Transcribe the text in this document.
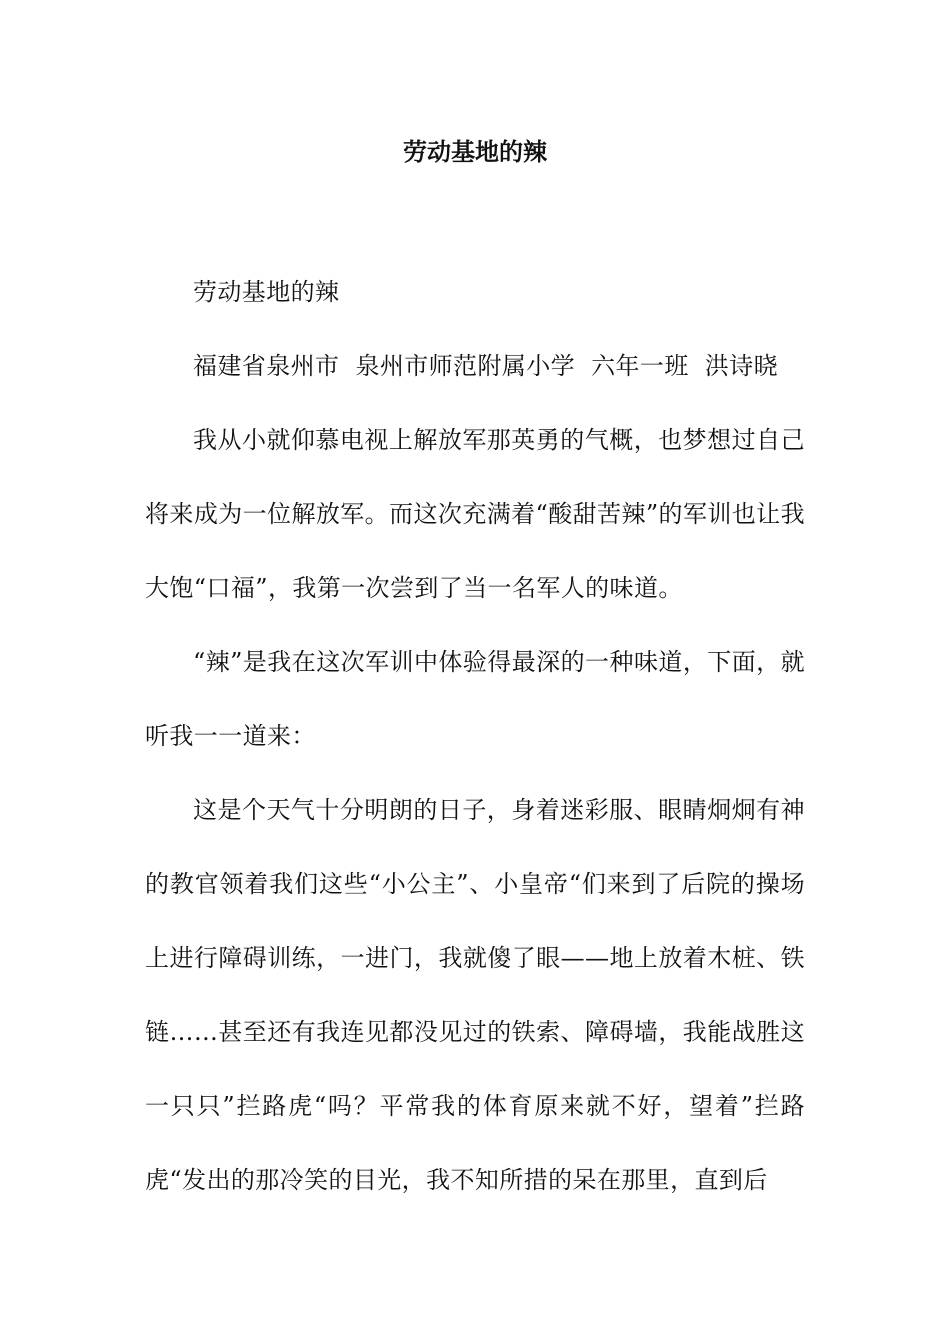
劳动基地的辣

劳动基地的辣

福建省泉州市  泉州市师范附属小学  六年一班  洪诗晓

我从小就仰慕电视上解放军那英勇的气概，也梦想过自己将来成为一位解放军。而这次充满着“酸甜苦辣”的军训也让我大饱“口福”，我第一次尝到了当一名军人的味道。

“辣”是我在这次军训中体验得最深的一种味道，下面，就听我一一道来：

这是个天气十分明朗的日子，身着迷彩服、眼睛炯炯有神的教官领着我们这些“小公主”、小皇帝“们来到了后院的操场上进行障碍训练，一进门，我就傻了眼——地上放着木桩、铁链……甚至还有我连见都没见过的铁索、障碍墙，我能战胜这一只只”拦路虎“吗？平常我的体育原来就不好，望着”拦路虎“发出的那冷笑的目光，我不知所措的呆在那里，直到后
